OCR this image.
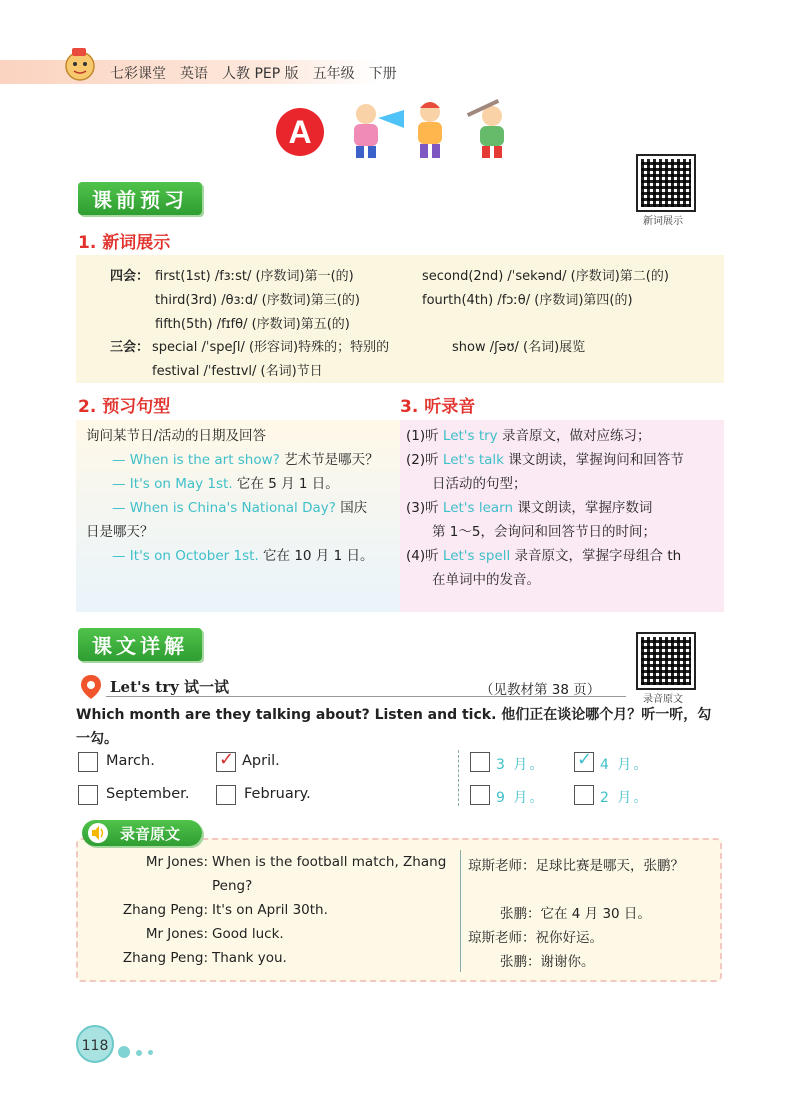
七彩课堂　英语　人教 PEP 版　五年级　下册
A
课前预习
新词展示
1. 新词展示
四会： first(1st) /fɜːst/ (序数词)第一(的)	second(2nd) /ˈsekənd/ (序数词)第二(的)
third(3rd) /θɜːd/ (序数词)第三(的)	fourth(4th) /fɔːθ/ (序数词)第四(的)
fifth(5th) /fɪfθ/ (序数词)第五(的)
三会： special /ˈspeʃl/ (形容词)特殊的；特别的	show /ʃəʊ/ (名词)展览
festival /ˈfestɪvl/ (名词)节日
2. 预习句型	3. 听录音
询问某节日/活动的日期及回答
— When is the art show? 艺术节是哪天？
— It's on May 1st. 它在 5 月 1 日。
— When is China's National Day? 国庆
日是哪天？
— It's on October 1st. 它在 10 月 1 日。
(1)听 Let's try 录音原文，做对应练习；
(2)听 Let's talk 课文朗读，掌握询问和回答节
日活动的句型；
(3)听 Let's learn 课文朗读，掌握序数词
第 1～5，会询问和回答节日的时间；
(4)听 Let's spell 录音原文，掌握字母组合 th
在单词中的发音。
课文详解
录音原文
Let's try 试一试	（见教材第 38 页）
Which month are they talking about? Listen and tick. 他们正在谈论哪个月？听一听，勾
一勾。
March. ✓	April.
September.	February.
3 月。 ✓	4 月。
9 月。	2 月。
录音原文
Mr Jones: When is the football match, Zhang 琼斯老师：足球比赛是哪天，张鹏？
Peng?
Zhang Peng: It's on April 30th.	张鹏：它在 4 月 30 日。
Mr Jones: Good luck.	琼斯老师：祝你好运。
Zhang Peng: Thank you.	张鹏：谢谢你。
118
